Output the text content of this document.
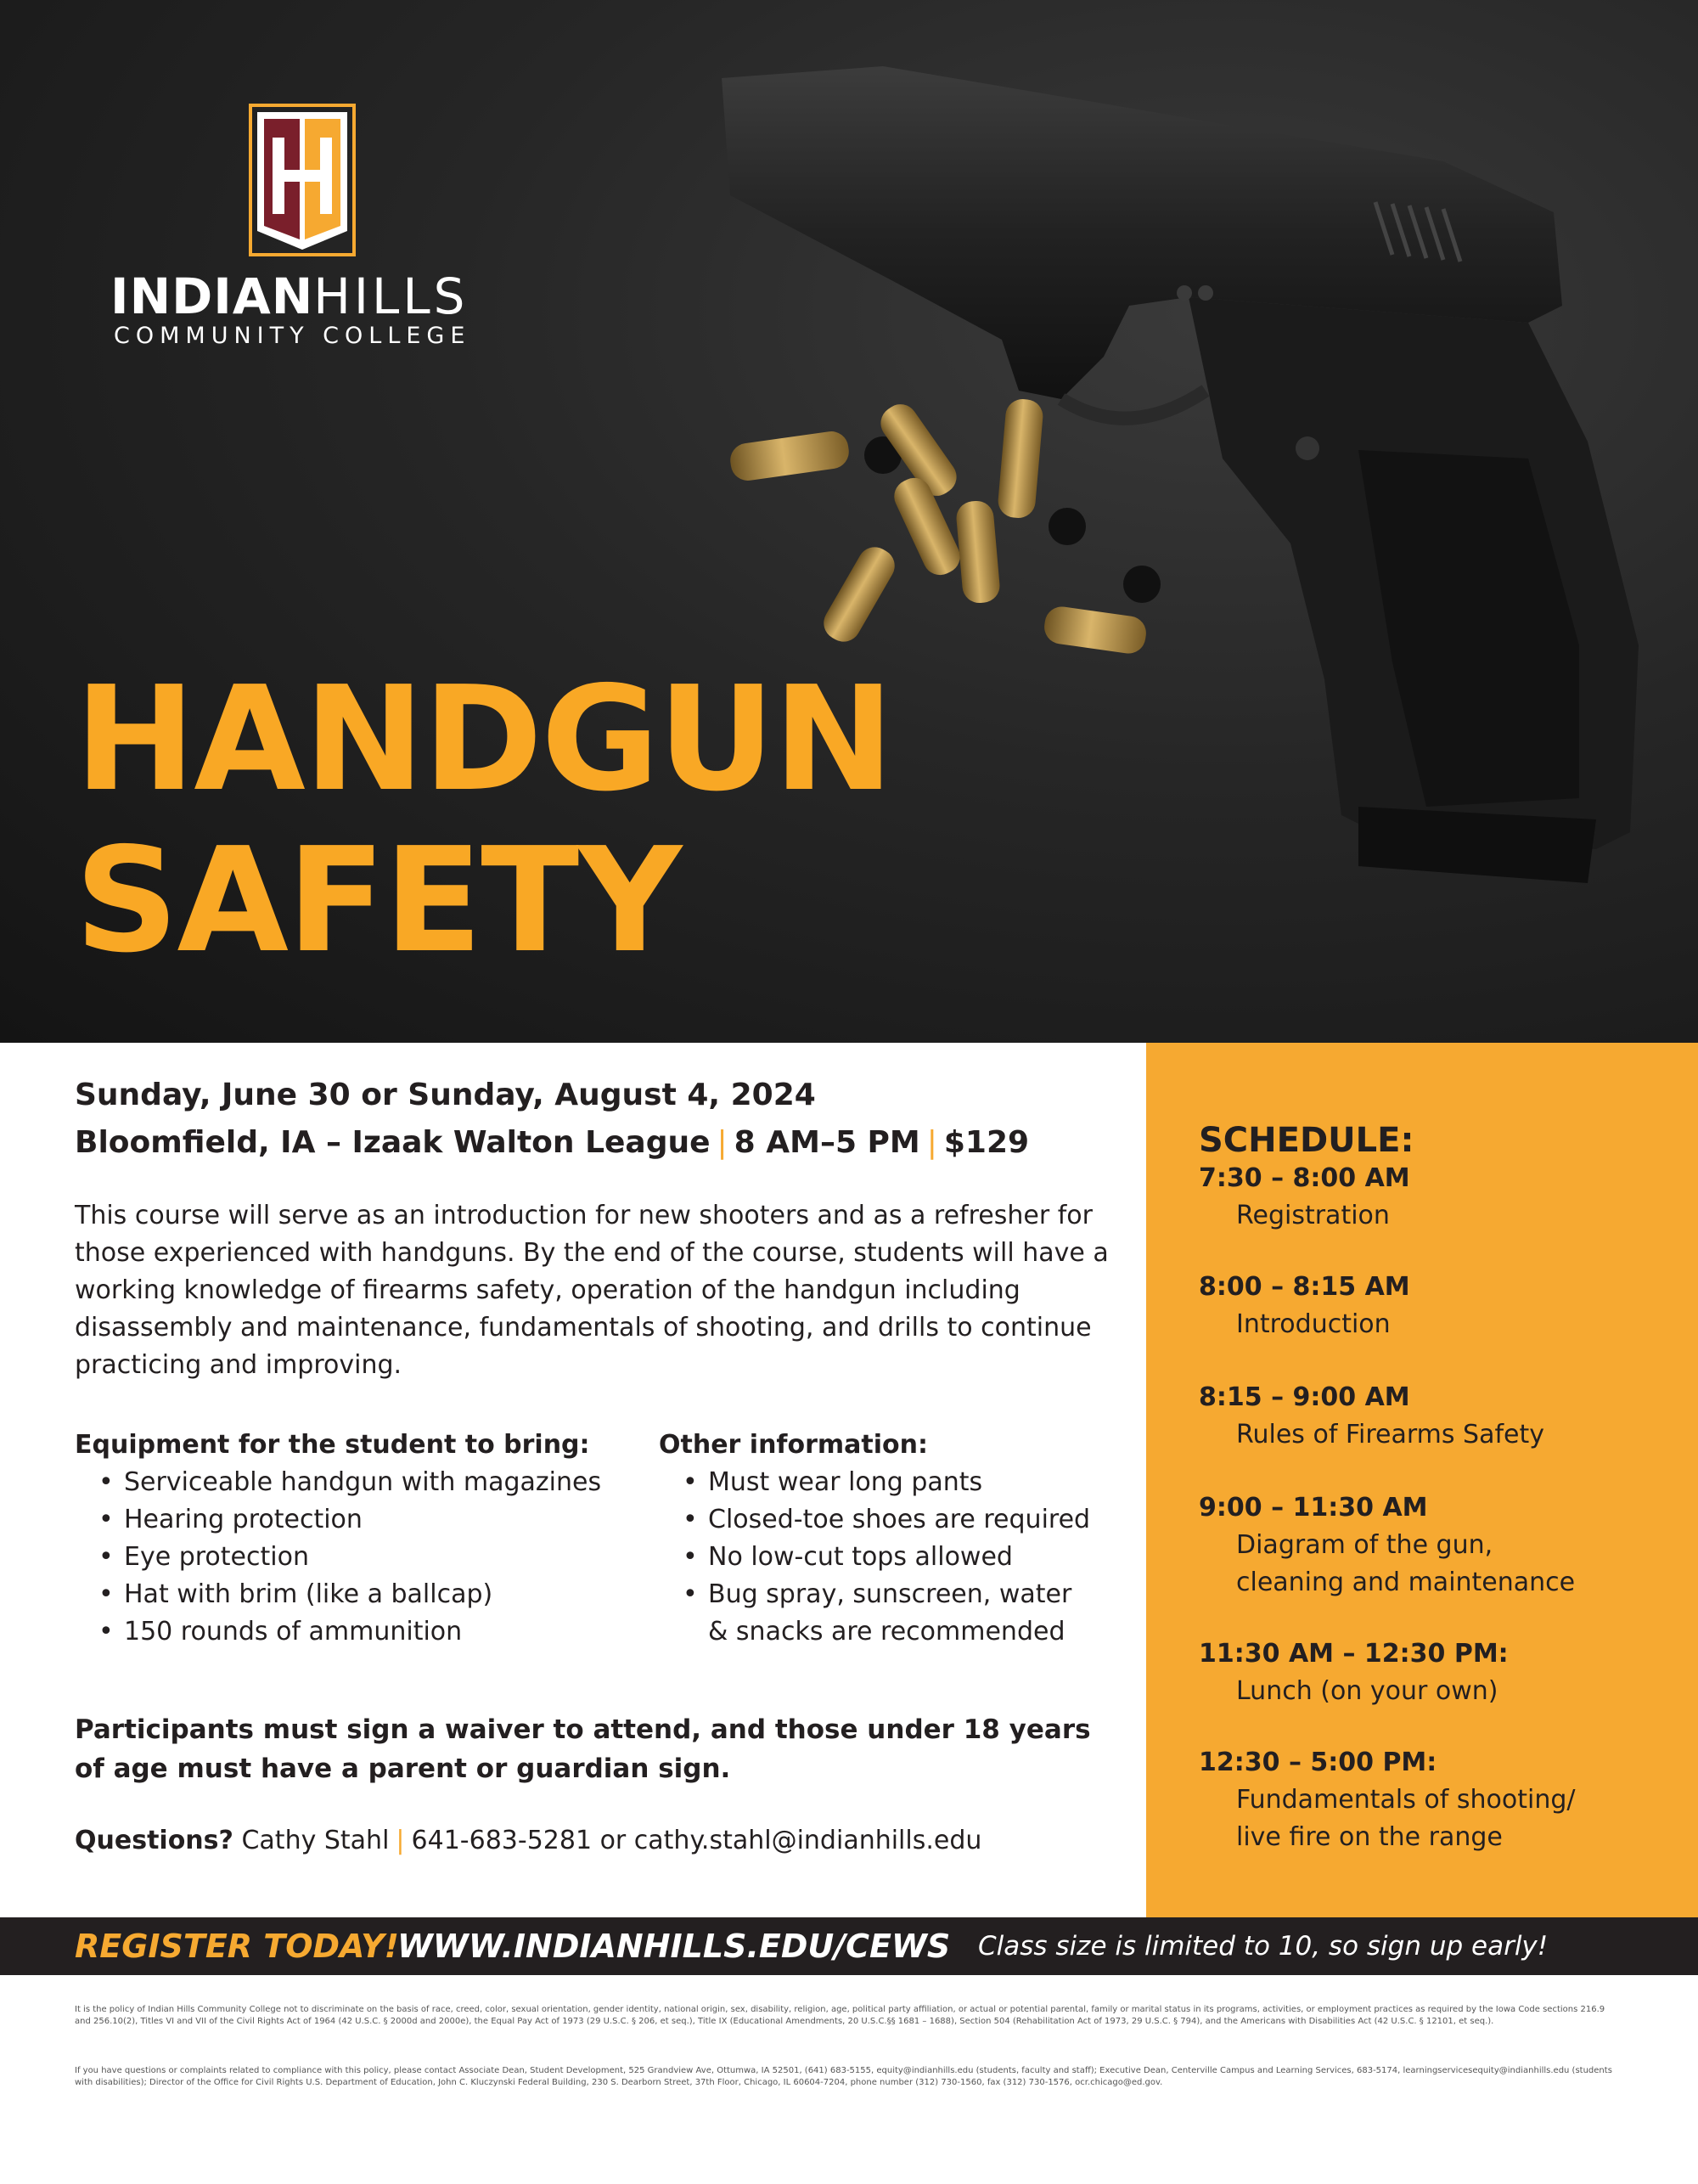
INDIANHILLS
COMMUNITY COLLEGE
HANDGUN
SAFETY
SCHEDULE:
7:30 – 8:00 AM
Registration
8:00 – 8:15 AM
Introduction
8:15 – 9:00 AM
Rules of Firearms Safety
9:00 – 11:30 AM
Diagram of the gun,
cleaning and maintenance
11:30 AM – 12:30 PM:
Lunch (on your own)
12:30 – 5:00 PM:
Fundamentals of shooting/
live fire on the range
Sunday, June 30 or Sunday, August 4, 2024
Bloomfield, IA – Izaak Walton League | 8 AM–5 PM | $129
This course will serve as an introduction for new shooters and as a refresher for those experienced with handguns. By the end of the course, students will have a working knowledge of firearms safety, operation of the handgun including disassembly and maintenance, fundamentals of shooting, and drills to continue practicing and improving.
Equipment for the student to bring:
• Serviceable handgun with magazines
• Hearing protection
• Eye protection
• Hat with brim (like a ballcap)
• 150 rounds of ammunition
Other information:
• Must wear long pants
• Closed-toe shoes are required
• No low-cut tops allowed
• Bug spray, sunscreen, water
& snacks are recommended
Participants must sign a waiver to attend, and those under 18 years of age must have a parent or guardian sign.
Questions? Cathy Stahl | 641-683-5281 or cathy.stahl@indianhills.edu
REGISTER TODAY!
WWW.INDIANHILLS.EDU/CEWS Class size is limited to 10, so sign up early!
It is the policy of Indian Hills Community College not to discriminate on the basis of race, creed, color, sexual orientation, gender identity, national origin, sex, disability, religion, age, political party affiliation, or actual or potential parental, family or marital status in its programs, activities, or employment practices as required by the Iowa Code sections 216.9 and 256.10(2), Titles VI and VII of the Civil Rights Act of 1964 (42 U.S.C. § 2000d and 2000e), the Equal Pay Act of 1973 (29 U.S.C. § 206, et seq.), Title IX (Educational Amendments, 20 U.S.C.§§ 1681 – 1688), Section 504 (Rehabilitation Act of 1973, 29 U.S.C. § 794), and the Americans with Disabilities Act (42 U.S.C. § 12101, et seq.).
If you have questions or complaints related to compliance with this policy, please contact Associate Dean, Student Development, 525 Grandview Ave, Ottumwa, IA 52501, (641) 683-5155, equity@indianhills.edu (students, faculty and staff); Executive Dean, Centerville Campus and Learning Services, 683-5174, learningservicesequity@indianhills.edu (students with disabilities); Director of the Office for Civil Rights U.S. Department of Education, John C. Kluczynski Federal Building, 230 S. Dearborn Street, 37th Floor, Chicago, IL 60604-7204, phone number (312) 730-1560, fax (312) 730-1576, ocr.chicago@ed.gov.
